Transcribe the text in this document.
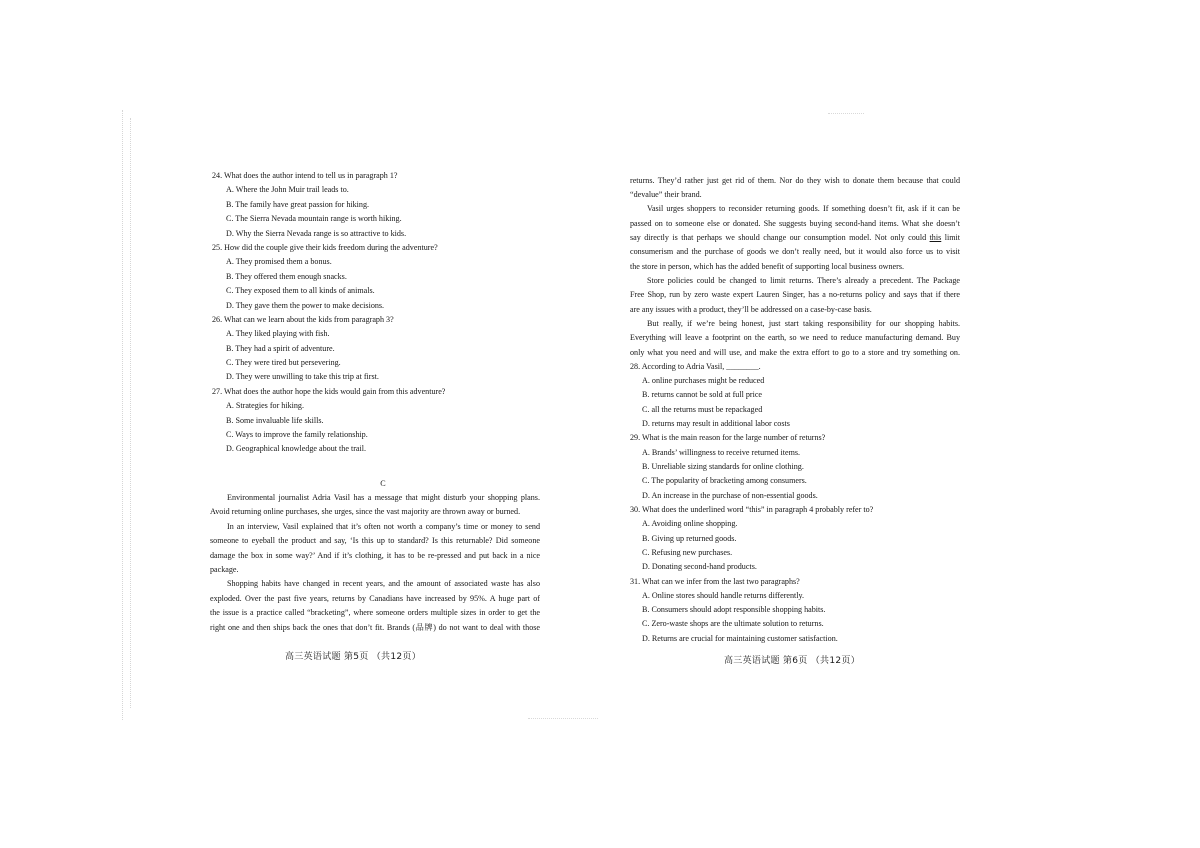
24. What does the author intend to tell us in paragraph 1?
A. Where the John Muir trail leads to.
B. The family have great passion for hiking.
C. The Sierra Nevada mountain range is worth hiking.
D. Why the Sierra Nevada range is so attractive to kids.
25. How did the couple give their kids freedom during the adventure?
A. They promised them a bonus.
B. They offered them enough snacks.
C. They exposed them to all kinds of animals.
D. They gave them the power to make decisions.
26. What can we learn about the kids from paragraph 3?
A. They liked playing with fish.
B. They had a spirit of adventure.
C. They were tired but persevering.
D. They were unwilling to take this trip at first.
27. What does the author hope the kids would gain from this adventure?
A. Strategies for hiking.
B. Some invaluable life skills.
C. Ways to improve the family relationship.
D. Geographical knowledge about the trail.
C
Environmental journalist Adria Vasil has a message that might disturb your shopping plans.
Avoid returning online purchases, she urges, since the vast majority are thrown away or burned.
In an interview, Vasil explained that it’s often not worth a company’s time or money to send
someone to eyeball the product and say, ‘Is this up to standard? Is this returnable? Did someone
damage the box in some way?’ And if it’s clothing, it has to be re-pressed and put back in a nice
package.
Shopping habits have changed in recent years, and the amount of associated waste has also
exploded. Over the past five years, returns by Canadians have increased by 95%. A huge part of
the issue is a practice called “bracketing”, where someone orders multiple sizes in order to get the
right one and then ships back the ones that don’t fit. Brands (品牌) do not want to deal with those
高三英语试题 第5页 （共12页）
returns. They’d rather just get rid of them. Nor do they wish to donate them because that could
“devalue” their brand.
Vasil urges shoppers to reconsider returning goods. If something doesn’t fit, ask if it can be
passed on to someone else or donated. She suggests buying second-hand items. What she doesn’t
say directly is that perhaps we should change our consumption model. Not only could this limit
consumerism and the purchase of goods we don’t really need, but it would also force us to visit
the store in person, which has the added benefit of supporting local business owners.
Store policies could be changed to limit returns. There’s already a precedent. The Package
Free Shop, run by zero waste expert Lauren Singer, has a no-returns policy and says that if there
are any issues with a product, they’ll be addressed on a case-by-case basis.
But really, if we’re being honest, just start taking responsibility for our shopping habits.
Everything will leave a footprint on the earth, so we need to reduce manufacturing demand. Buy
only what you need and will use, and make the extra effort to go to a store and try something on.
28. According to Adria Vasil, ________.
A. online purchases might be reduced
B. returns cannot be sold at full price
C. all the returns must be repackaged
D. returns may result in additional labor costs
29. What is the main reason for the large number of returns?
A. Brands’ willingness to receive returned items.
B. Unreliable sizing standards for online clothing.
C. The popularity of bracketing among consumers.
D. An increase in the purchase of non-essential goods.
30. What does the underlined word “this” in paragraph 4 probably refer to?
A. Avoiding online shopping.
B. Giving up returned goods.
C. Refusing new purchases.
D. Donating second-hand products.
31. What can we infer from the last two paragraphs?
A. Online stores should handle returns differently.
B. Consumers should adopt responsible shopping habits.
C. Zero-waste shops are the ultimate solution to returns.
D. Returns are crucial for maintaining customer satisfaction.
高三英语试题 第6页 （共12页）
